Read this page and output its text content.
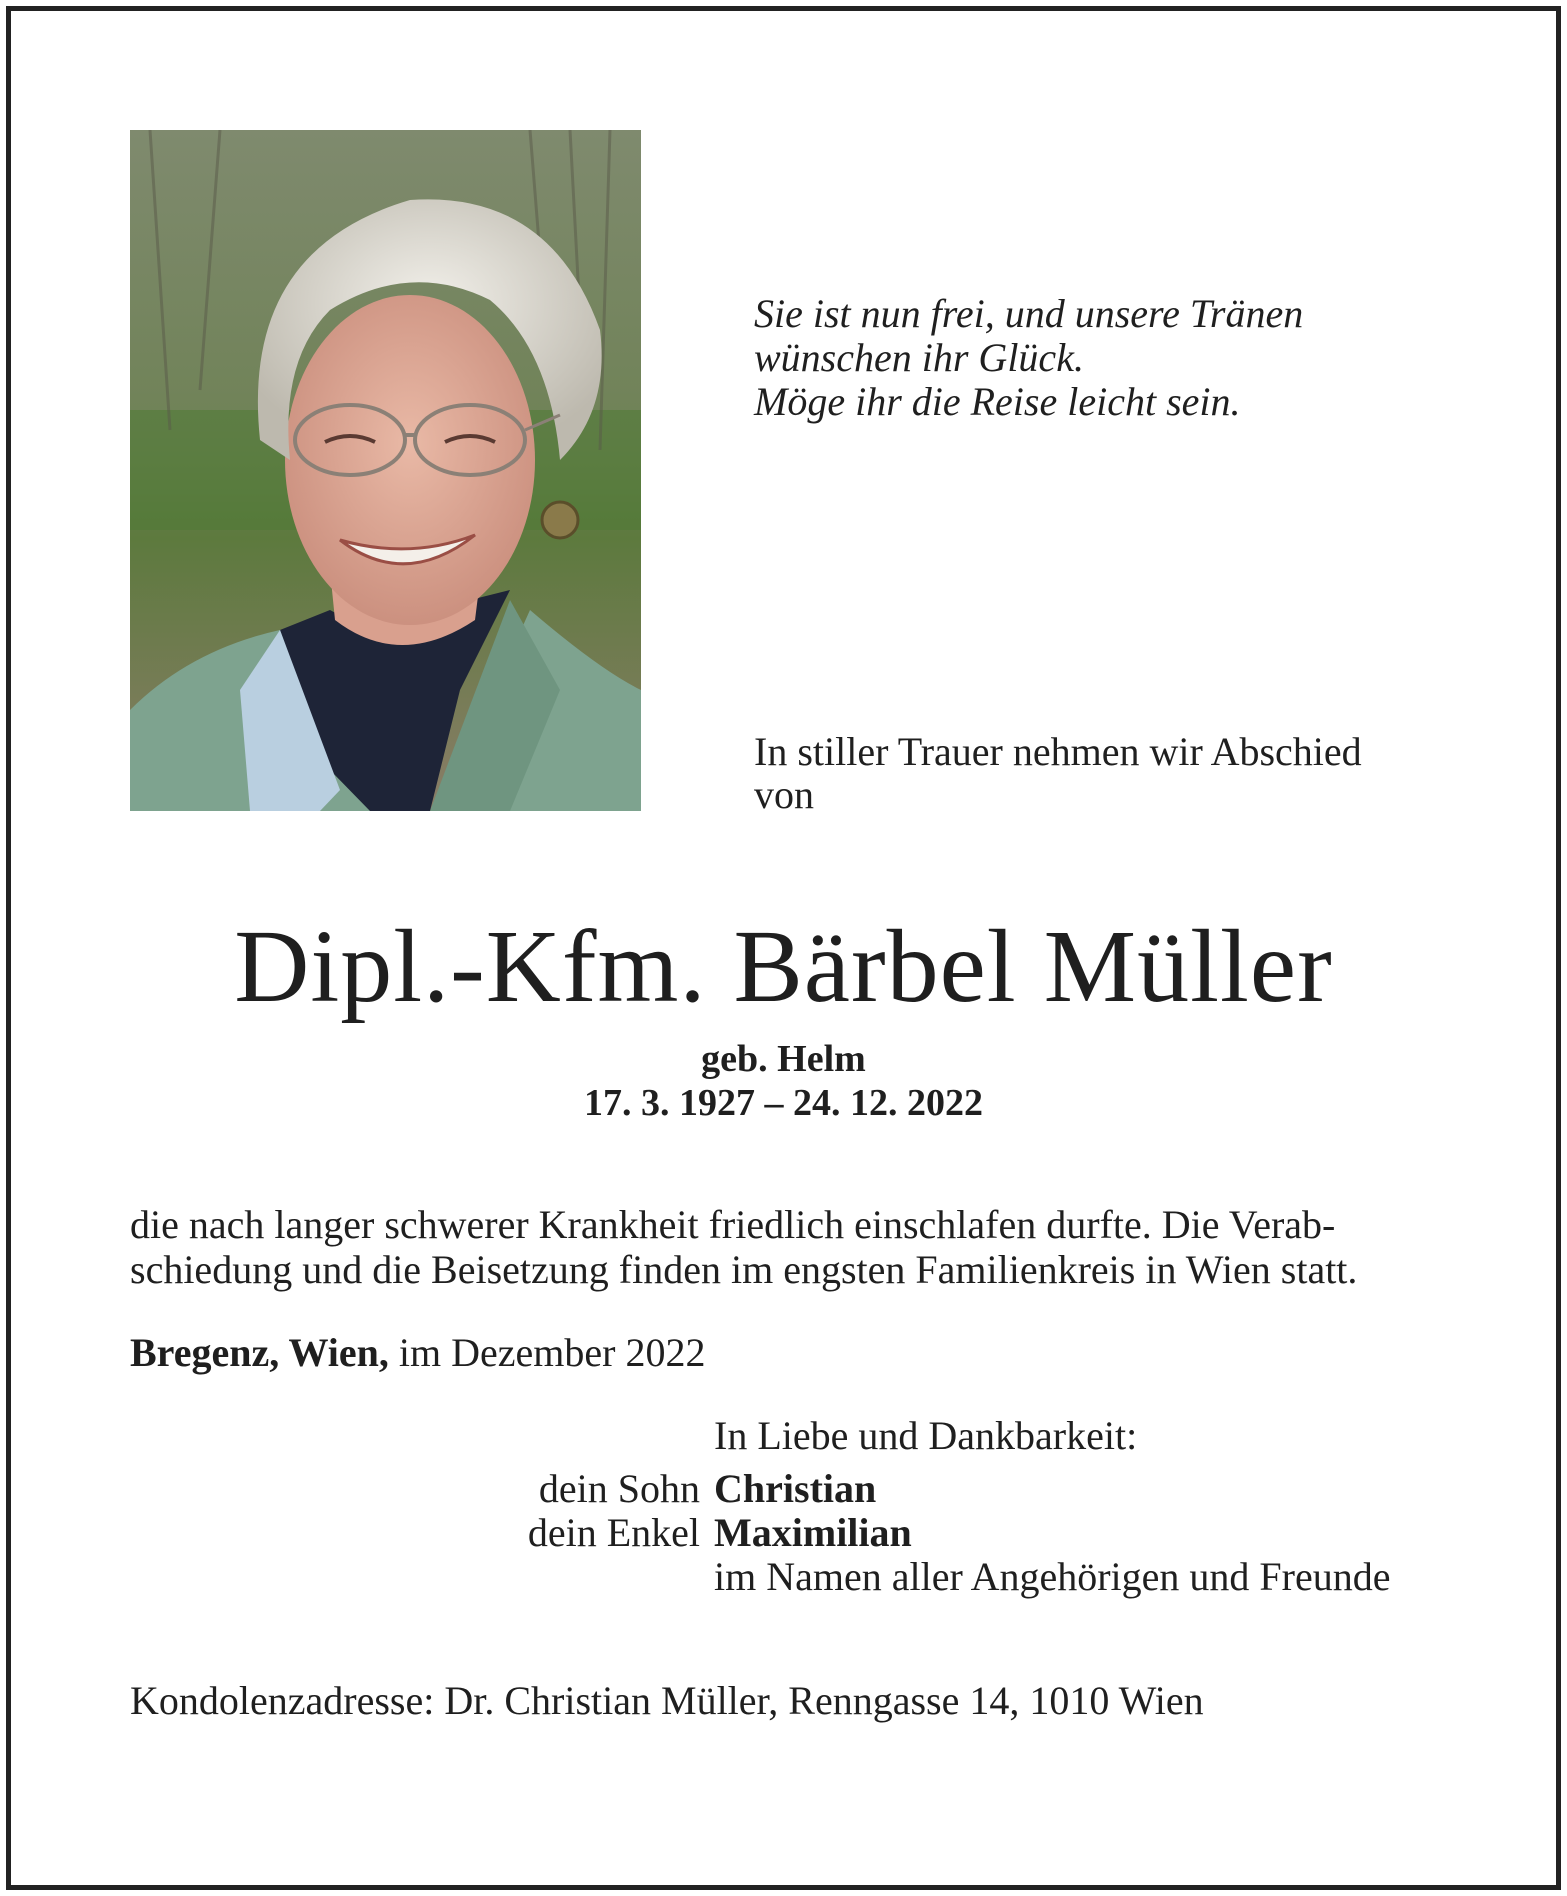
Sie ist nun frei, und unsere Tränen
wünschen ihr Glück.
Möge ihr die Reise leicht sein.
In stiller Trauer nehmen wir Abschied
von
Dipl.-Kfm. Bärbel Müller
geb. Helm
17. 3. 1927 – 24. 12. 2022
die nach langer schwerer Krankheit friedlich einschlafen durfte. Die Verab-
schiedung und die Beisetzung finden im engsten Familienkreis in Wien statt.
Bregenz, Wien, im Dezember 2022
In Liebe und Dankbarkeit:
dein Sohn Christian
dein Enkel Maximilian
im Namen aller Angehörigen und Freunde
Kondolenzadresse: Dr. Christian Müller, Renngasse 14, 1010 Wien
